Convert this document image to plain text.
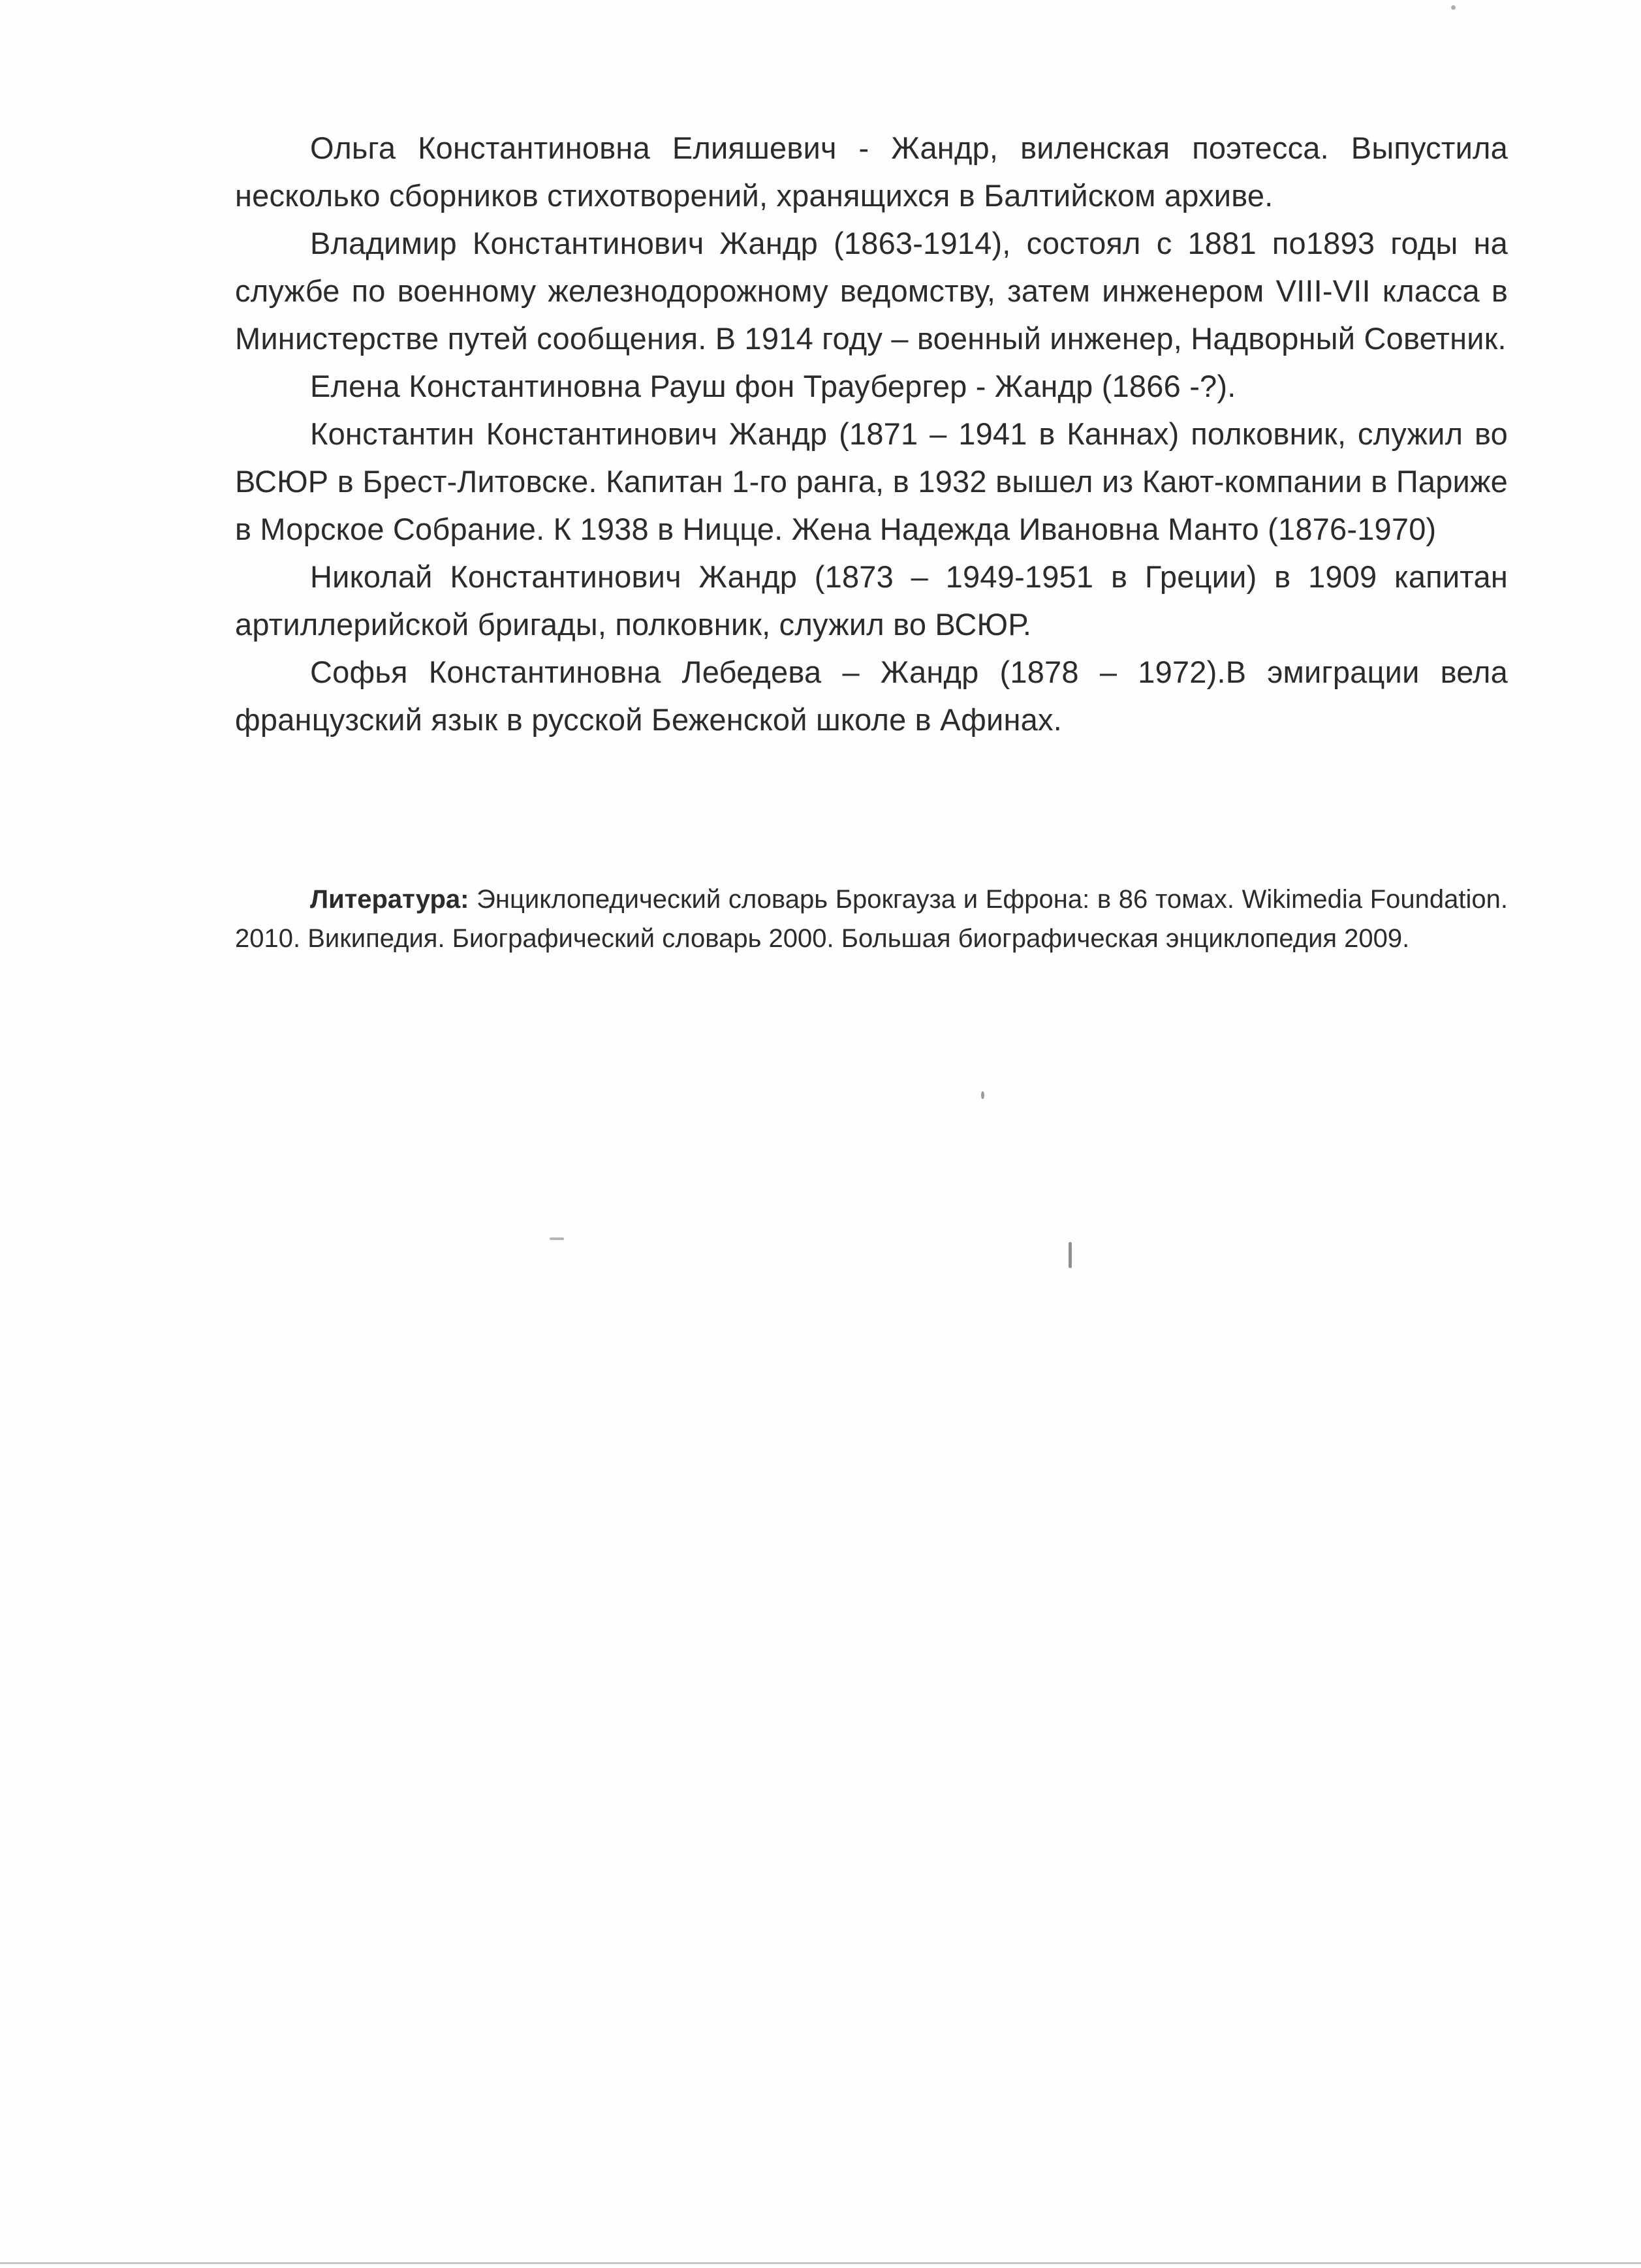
Ольга Константиновна Елияшевич - Жандр, виленская поэтесса. Выпустила несколько сборников стихотворений, хранящихся в Балтийском архиве.

Владимир Константинович Жандр (1863-1914), состоял с 1881 по1893 годы на службе по военному железнодорожному ведомству, затем инженером VIII-VII класса в Министерстве путей сообщения. В 1914 году – военный инженер, Надворный Советник.

Елена Константиновна Рауш фон Траубергер - Жандр (1866 -?).

Константин Константинович Жандр (1871 – 1941 в Каннах) полковник, служил во ВСЮР в Брест-Литовске. Капитан 1-го ранга, в 1932 вышел из Кают-компании в Париже в Морское Собрание. К 1938 в Ницце. Жена Надежда Ивановна Манто (1876-1970)

Николай Константинович Жандр (1873 – 1949-1951 в Греции) в 1909 капитан артиллерийской бригады, полковник, служил во ВСЮР.

Софья Константиновна Лебедева – Жандр (1878 – 1972).В эмиграции вела французский язык в русской Беженской школе в Афинах.

Литература: Энциклопедический словарь Брокгауза и Ефрона: в 86 томах. Wikimedia Foundation. 2010. Википедия. Биографический словарь 2000. Большая биографическая энциклопедия 2009.
